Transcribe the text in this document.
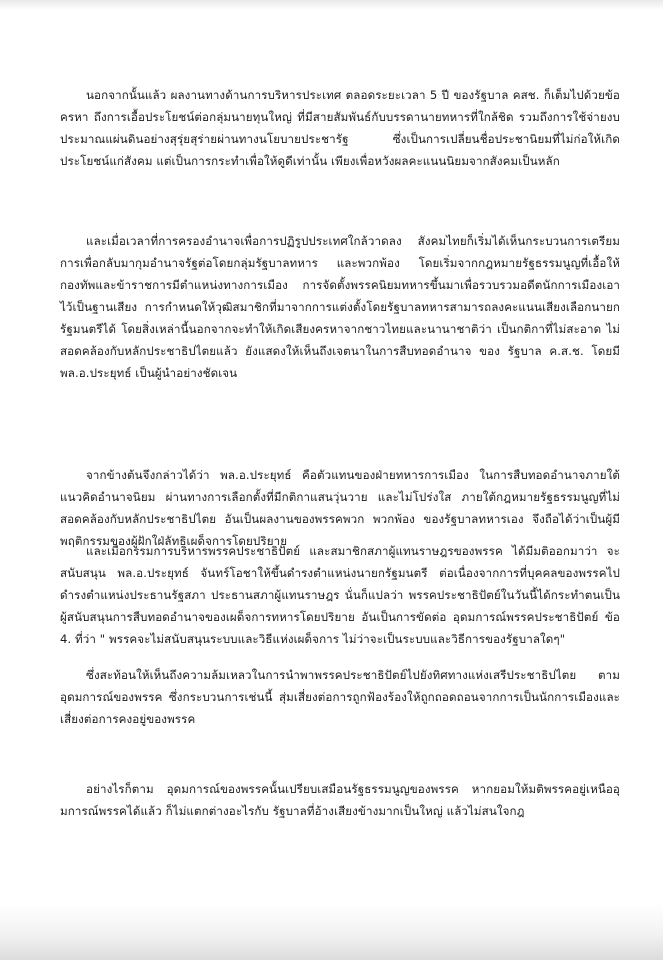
นอกจากนั้นแล้ว ผลงานทางด้านการบริหารประเทศ ตลอดระยะเวลา 5 ปี ของรัฐบาล คสช. ก็เต็มไปด้วยข้อครหา ถึงการเอื้อประโยชน์ต่อกลุ่มนายทุนใหญ่ ที่มีสายสัมพันธ์กับบรรดานายทหารที่ใกล้ชิด รวมถึงการใช้จ่ายงบประมาณแผ่นดินอย่างสุรุ่ยสุร่ายผ่านทางนโยบายประชารัฐ ซึ่งเป็นการเปลี่ยนชื่อประชานิยมที่ไม่ก่อให้เกิดประโยชน์แก่สังคม แต่เป็นการกระทำเพื่อให้ดูดีเท่านั้น เพียงเพื่อหวังผลคะแนนนิยมจากสังคมเป็นหลัก

และเมื่อเวลาที่การครองอำนาจเพื่อการปฏิรูปประเทศใกล้วาดลง สังคมไทยก็เริ่มได้เห็นกระบวนการเตรียมการเพื่อกลับมากุมอำนาจรัฐต่อโดยกลุ่มรัฐบาลทหาร และพวกพ้อง โดยเริ่มจากกฎหมายรัฐธรรมนูญที่เอื้อให้กองทัพและข้าราชการมีตำแหน่งทางการเมือง การจัดตั้งพรรคนิยมทหารขึ้นมาเพื่อรวบรวมอดีตนักการเมืองเอาไว้เป็นฐานเสียง การกำหนดให้วุฒิสมาชิกที่มาจากการแต่งตั้งโดยรัฐบาลทหารสามารถลงคะแนนเสียงเลือกนายกรัฐมนตรีได้ โดยสิ่งเหล่านี้นอกจากจะทำให้เกิดเสียงครหาจากชาวไทยและนานาชาติว่า เป็นกติกาที่ไม่สะอาด ไม่สอดคล้องกับหลักประชาธิปไตยแล้ว ยังแสดงให้เห็นถึงเจตนาในการสืบทอดอำนาจ ของ รัฐบาล ค.ส.ช. โดยมี พล.อ.ประยุทธ์ เป็นผู้นำอย่างชัดเจน

จากข้างต้นจึงกล่าวได้ว่า พล.อ.ประยุทธ์ คือตัวแทนของฝ่ายทหารการเมือง ในการสืบทอดอำนาจภายใต้แนวคิดอำนาจนิยม ผ่านทางการเลือกตั้งที่มีกติกาแสนวุ่นวาย และไม่โปร่งใส ภายใต้กฎหมายรัฐธรรมนูญที่ไม่สอดคล้องกับหลักประชาธิปไตย อันเป็นผลงานของพรรคพวก พวกพ้อง ของรัฐบาลทหารเอง จึงถือได้ว่าเป็นผู้มีพฤติกรรมของผู้ฝักใฝ่ลัทธิเผด็จการโดยปริยาย

และเมื่อกรรมการบริหารพรรคประชาธิปัตย์ และสมาชิกสภาผู้แทนราษฎรของพรรค ได้มีมติออกมาว่า จะสนับสนุน พล.อ.ประยุทธ์ จันทร์โอชาให้ขึ้นดำรงตำแหน่งนายกรัฐมนตรี ต่อเนื่องจากการที่บุคคลของพรรคไปดำรงตำแหน่งประธานรัฐสภา ประธานสภาผู้แทนราษฎร นั่นก็แปลว่า พรรคประชาธิปัตย์ในวันนี้ได้กระทำตนเป็นผู้สนับสนุนการสืบทอดอำนาจของเผด็จการทหารโดยปริยาย อันเป็นการขัดต่อ อุดมการณ์พรรคประชาธิปัตย์ ข้อ 4. ที่ว่า " พรรคจะไม่สนับสนุนระบบและวิธีแห่งเผด็จการ ไม่ว่าจะเป็นระบบและวิธีการของรัฐบาลใดๆ"

ซึ่งสะท้อนให้เห็นถึงความล้มเหลวในการนำพาพรรคประชาธิปัตย์ไปยังทิศทางแห่งเสรีประชาธิปไตย ตามอุดมการณ์ของพรรค ซึ่งกระบวนการเช่นนี้ สุ่มเสี่ยงต่อการถูกฟ้องร้องให้ถูกถอดถอนจากการเป็นนักการเมืองและเสี่ยงต่อการคงอยู่ของพรรค

อย่างไรก็ตาม อุดมการณ์ของพรรคนั้นเปรียบเสมือนรัฐธรรมนูญของพรรค หากยอมให้มติพรรคอยู่เหนืออุมการณ์พรรคได้แล้ว ก็ไม่แตกต่างอะไรกับ รัฐบาลที่อ้างเสียงข้างมากเป็นใหญ่ แล้วไม่สนใจกฎ
